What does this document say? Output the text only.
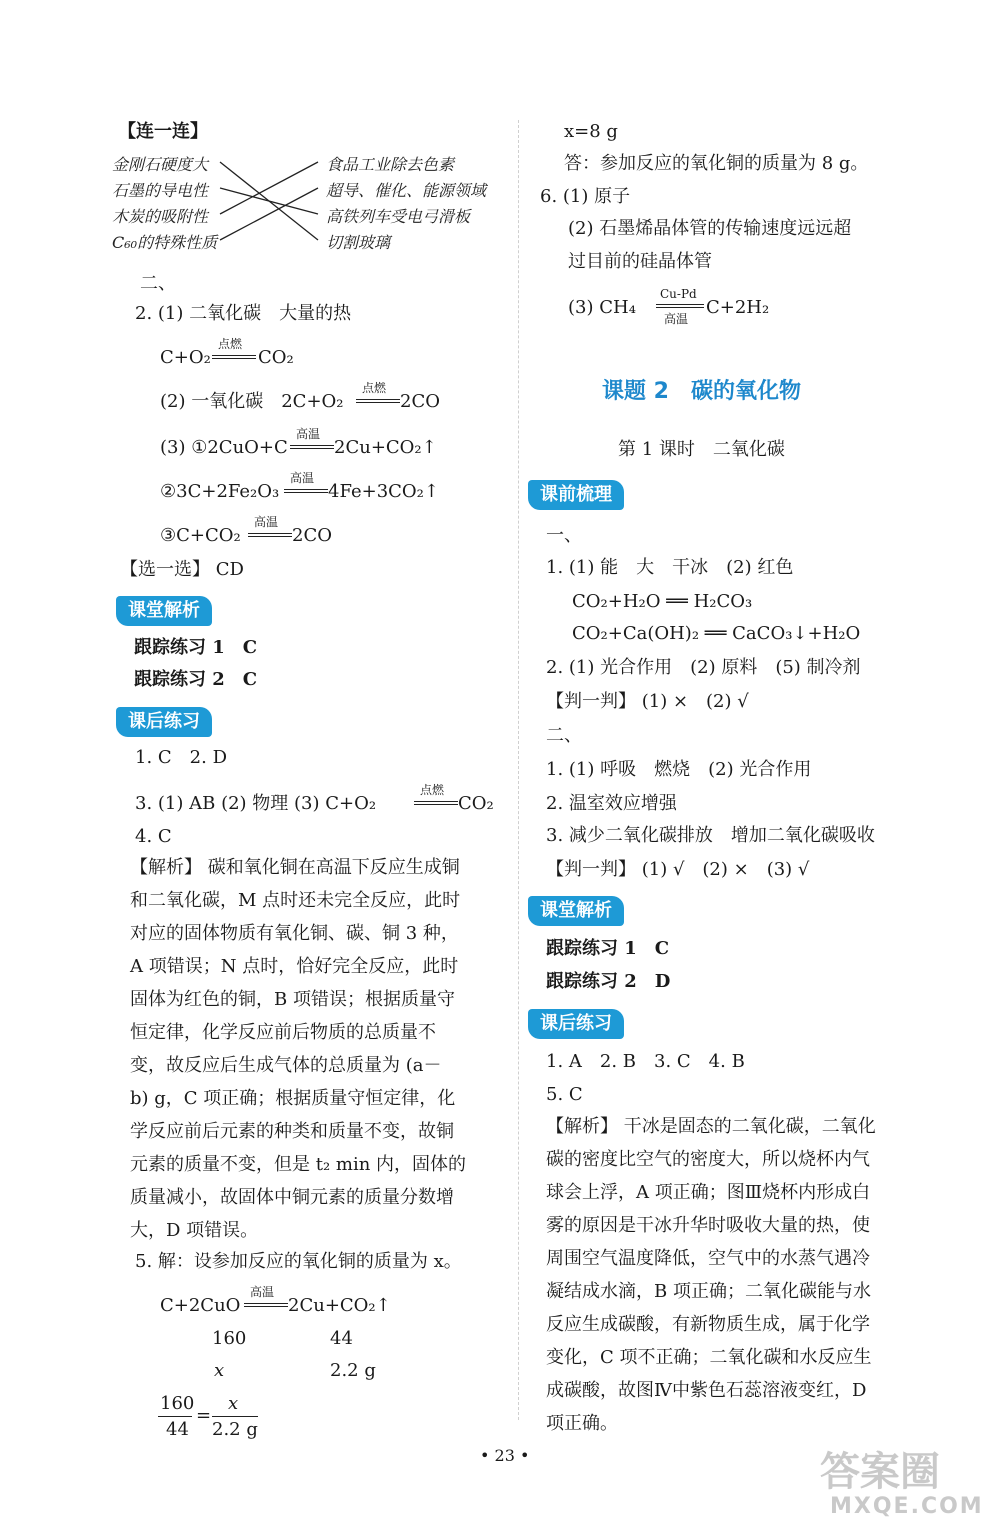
【连一连】
金刚石硬度大
石墨的导电性
木炭的吸附性
C₆₀的特殊性质
食品工业除去色素
超导、催化、能源领域
高铁列车受电弓滑板
切割玻璃
二、
2. (1) 二氧化碳　大量的热
C+O₂
点燃
CO₂
(2) 一氧化碳　2C+O₂
点燃
2CO
(3) ①2CuO+C
高温
2Cu+CO₂↑
②3C+2Fe₂O₃
高温
4Fe+3CO₂↑
③C+CO₂
高温
2CO
【选一选】 CD
课堂解析
跟踪练习 1　C
跟踪练习 2　C
课后练习
1. C　2. D
3. (1) AB (2) 物理 (3) C+O₂
点燃
CO₂
4. C
【解析】 碳和氧化铜在高温下反应生成铜
和二氧化碳，M 点时还未完全反应，此时
对应的固体物质有氧化铜、碳、铜 3 种，
A 项错误；N 点时，恰好完全反应，此时
固体为红色的铜，B 项错误；根据质量守
恒定律，化学反应前后物质的总质量不
变，故反应后生成气体的总质量为 (a－
b) g，C 项正确；根据质量守恒定律，化
学反应前后元素的种类和质量不变，故铜
元素的质量不变，但是 t₂ min 内，固体的
质量减小，故固体中铜元素的质量分数增
大，D 项错误。
5. 解：设参加反应的氧化铜的质量为 x。
C+2CuO
高温
2Cu+CO₂↑
160	44
x	2.2 g
160
44
=
x
2.2 g
x=8 g
答：参加反应的氧化铜的质量为 8 g。
6. (1) 原子
(2) 石墨烯晶体管的传输速度远远超
过目前的硅晶体管
(3) CH₄
Cu-Pd
高温
C+2H₂
课题 2　碳的氧化物
第 1 课时　二氧化碳
课前梳理
一、
1. (1) 能　大　干冰　(2) 红色
CO₂+H₂O ══ H₂CO₃
CO₂+Ca(OH)₂ ══ CaCO₃↓+H₂O
2. (1) 光合作用　(2) 原料　(5) 制冷剂
【判一判】 (1) ×　(2) √
二、
1. (1) 呼吸　燃烧　(2) 光合作用
2. 温室效应增强
3. 减少二氧化碳排放　增加二氧化碳吸收
【判一判】 (1) √　(2) ×　(3) √
课堂解析
跟踪练习 1　C
跟踪练习 2　D
课后练习
1. A　2. B　3. C　4. B
5. C
【解析】 干冰是固态的二氧化碳，二氧化
碳的密度比空气的密度大，所以烧杯内气
球会上浮，A 项正确；图Ⅲ烧杯内形成白
雾的原因是干冰升华时吸收大量的热，使
周围空气温度降低，空气中的水蒸气遇冷
凝结成水滴，B 项正确；二氧化碳能与水
反应生成碳酸，有新物质生成，属于化学
变化，C 项不正确；二氧化碳和水反应生
成碳酸，故图Ⅳ中紫色石蕊溶液变红，D
项正确。
• 23 •	答案圈
MXQE.COM
